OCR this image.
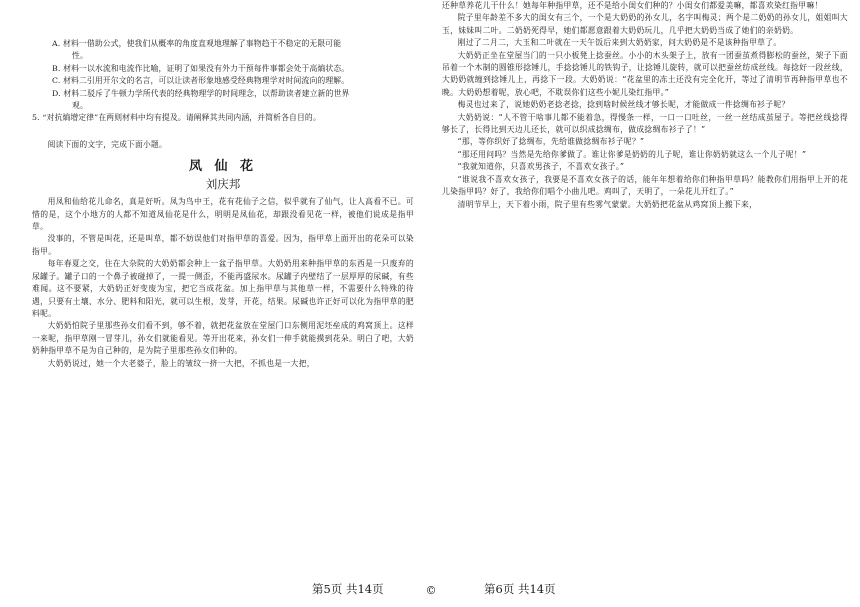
A. 材料一借助公式，使我们从概率的角度直观地理解了事物趋于不稳定的无限可能

性。

B. 材料一以水流和电流作比喻，证明了如果没有外力干预每件事都会处于高熵状态。

C. 材料二引用开尔文的名言，可以让读者形象地感受经典物理学对时间流向的理解。

D. 材料二驳斥了牛顿力学所代表的经典物理学的时间理念，以帮助读者建立新的世界

观。

5. “对抗熵增定律”在两则材料中均有提及。请阐释其共同内涵，并简析各自目的。

阅读下面的文字，完成下面小题。

凤 仙 花

刘庆邦

用凤和仙给花儿命名，真是好听。凤为鸟中王，花有花仙子之信，似乎就有了仙气，让人高看不已。可惜的是，这个小地方的人都不知道凤仙花是什么，明明是凤仙花，却跟没看见花一样，被他们说成是指甲草。

没事的，不管是叫花，还是叫草，都不妨误他们对指甲草的喜爱。因为，指甲草上面开出的花朵可以染指甲。

每年春夏之交，住在大杂院的大奶奶都会种上一盆子指甲草。大奶奶用来种指甲草的东西是一只废弃的尿罐子。罐子口的一个鼻子被碰掉了，一提一侧歪，不能再盛尿水。尿罐子内壁结了一层厚厚的尿碱，有些难闻。这不要紧，大奶奶正好变废为宝，把它当成花盆。加上指甲草与其他草一样，不需要什么特殊的待遇，只要有土壤、水分、肥料和阳光，就可以生根，发芽，开花，结果。尿碱也许正好可以化为指甲草的肥料呢。

大奶奶怕院子里那些孙女们看不到，够不着，就把花盆放在堂屋门口东侧用泥坯垒成的鸡窝顶上。这样一来呢，指甲草刚一冒芽儿，孙女们就能看见。等开出花来，孙女们一伸手就能摸到花朵。明白了吧，大奶奶种指甲草不是为自己种的，是为院子里那些孙女们种的。

大奶奶说过，她一个大老婆子，脸上的皱纹一挤一大把，不抓也是一大把，

还种草养花儿干什么！她每年种指甲草，还不是给小闺女们种的？小闺女们都爱美嘛，都喜欢染红指甲嘛！

院子里年龄差不多大的闺女有三个，一个是大奶奶的孙女儿，名字叫梅灵；两个是二奶奶的孙女儿，姐姐叫大玉，妹妹叫二叶。二奶奶死得早，她们都愿意跟着大奶奶玩儿，几乎把大奶奶当成了她们的亲奶奶。

刚过了二月二，大玉和二叶就在一天午饭后来到大奶奶家，问大奶奶是不是该种指甲草了。

大奶奶正坐在堂屋当门的一只小板凳上捻蚕丝。小小的木头架子上，放有一团蚕茧煮得膨松的蚕丝，架子下面吊着一个木制的圆锥形捻锤儿，手捻捻锤儿的铁钩子，让捻锤儿旋转，就可以把蚕丝纺成丝线。每捻好一段丝线，大奶奶就缠到捻锤儿上，再捻下一段。大奶奶说：“花盆里的冻土还没有完全化开，等过了清明节再种指甲草也不晚。大奶奶想着呢，放心吧，不耽误你们这些小妮儿染红指甲。”

梅灵也过来了，说她奶奶老捻老捻，捻到啥时候丝线才够长呢，才能做成一件捻绸布衫子呢？

大奶奶说：“人不管干啥事儿都不能着急，得慢条一样，一口一口吐丝，一丝一丝结成茧屋子。等把丝线捻得够长了，长得比到天边儿还长，就可以织成捻绸布，做成捻绸布衫子了！”

“那，等你织好了捻绸布，先给谁做捻绸布衫子呢？”

“那还用问吗？当然是先给你爹做了。谁让你爹是奶奶的儿子呢，谁让你奶奶就这么一个儿子呢！”

“我就知道你，只喜欢男孩子，不喜欢女孩子。”

“谁说我不喜欢女孩子，我要是不喜欢女孩子的话，能年年想着给你们种指甲草吗？能教你们用指甲上开的花儿染指甲吗？好了，我给你们唱个小曲儿吧。鸡叫了，天明了，一朵花儿开红了。”

清明节早上，天下着小雨，院子里有些雾气蒙蒙。大奶奶把花盆从鸡窝顶上搬下来，

第5页 共14页	©	第6页 共14页
